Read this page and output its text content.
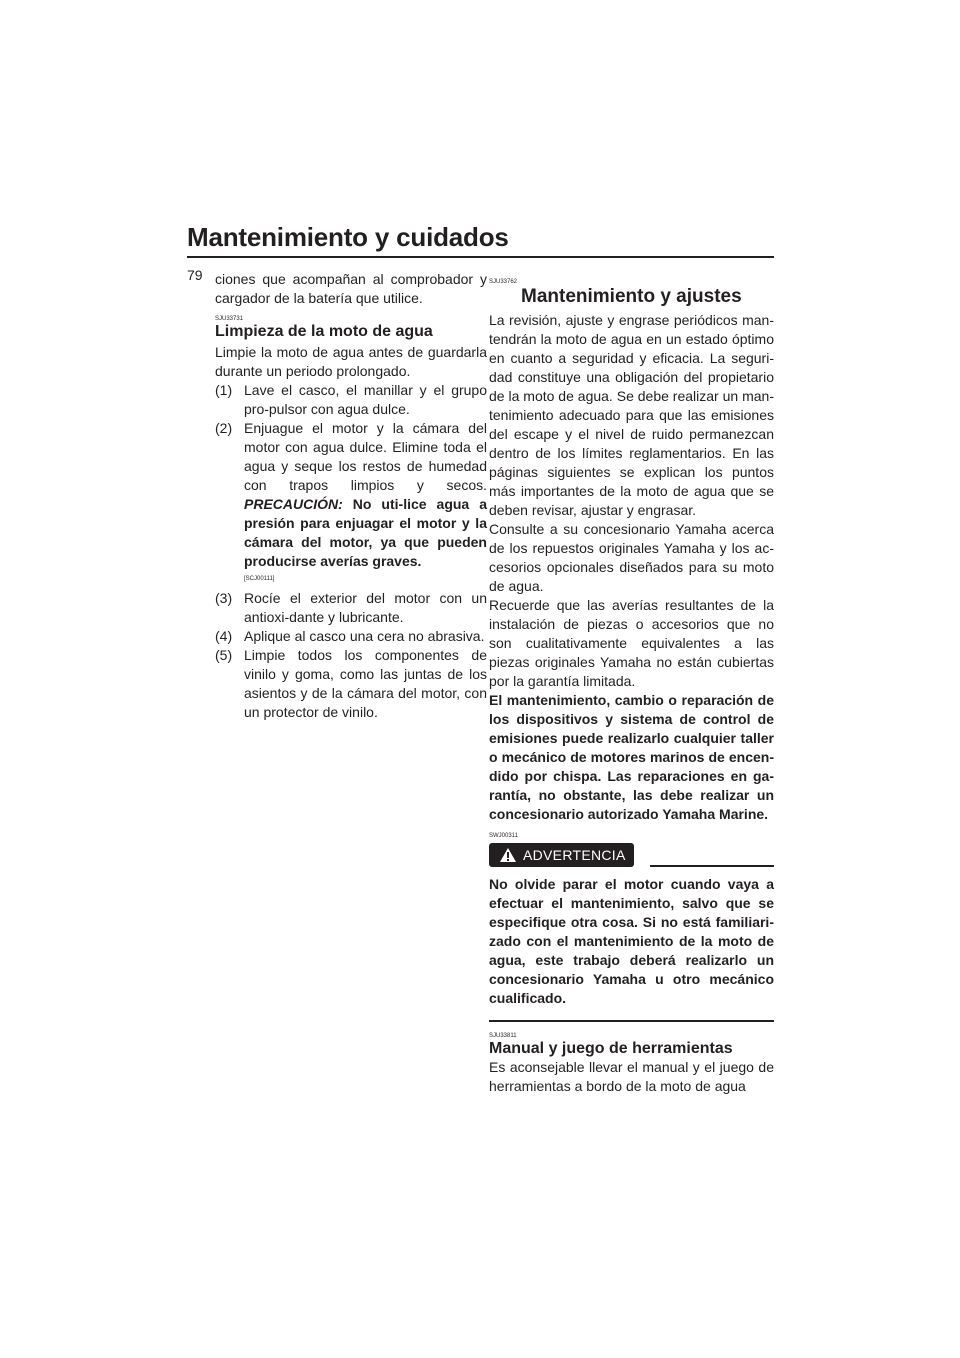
Mantenimiento y cuidados
79 ciones que acompañan al comprobador y cargador de la batería que utilice.

SJU33731
Limpieza de la moto de agua

Limpie la moto de agua antes de guardarla durante un periodo prolongado.

(1) Lave el casco, el manillar y el grupo pro-pulsor con agua dulce.
(2) Enjuague el motor y la cámara del motor con agua dulce. Elimine toda el agua y seque los restos de humedad con trapos limpios y secos. PRECAUCIÓN: No uti-lice agua a presión para enjuagar el motor y la cámara del motor, ya que pueden producirse averías graves.
[SCJ00111]
(3) Rocíe el exterior del motor con un antioxi-dante y lubricante.
(4) Aplique al casco una cera no abrasiva.
(5) Limpie todos los componentes de vinilo y goma, como las juntas de los asientos y de la cámara del motor, con un protector de vinilo.
SJU33762
Mantenimiento y ajustes

La revisión, ajuste y engrase periódicos man-tendrán la moto de agua en un estado óptimo en cuanto a seguridad y eficacia. La seguri-dad constituye una obligación del propietario de la moto de agua. Se debe realizar un man-tenimiento adecuado para que las emisiones del escape y el nivel de ruido permanezcan dentro de los límites reglamentarios. En las páginas siguientes se explican los puntos más importantes de la moto de agua que se deben revisar, ajustar y engrasar.

Consulte a su concesionario Yamaha acerca de los repuestos originales Yamaha y los ac-cesorios opcionales diseñados para su moto de agua.

Recuerde que las averías resultantes de la instalación de piezas o accesorios que no son cualitativamente equivalentes a las piezas originales Yamaha no están cubiertas por la garantía limitada.

El mantenimiento, cambio o reparación de los dispositivos y sistema de control de emisiones puede realizarlo cualquier taller o mecánico de motores marinos de encen-dido por chispa. Las reparaciones en ga-rantía, no obstante, las debe realizar un concesionario autorizado Yamaha Marine.

SWJ00311
ADVERTENCIA

No olvide parar el motor cuando vaya a efectuar el mantenimiento, salvo que se especifique otra cosa. Si no está familiari-zado con el mantenimiento de la moto de agua, este trabajo deberá realizarlo un concesionario Yamaha u otro mecánico cualificado.

SJU33811
Manual y juego de herramientas

Es aconsejable llevar el manual y el juego de herramientas a bordo de la moto de agua
